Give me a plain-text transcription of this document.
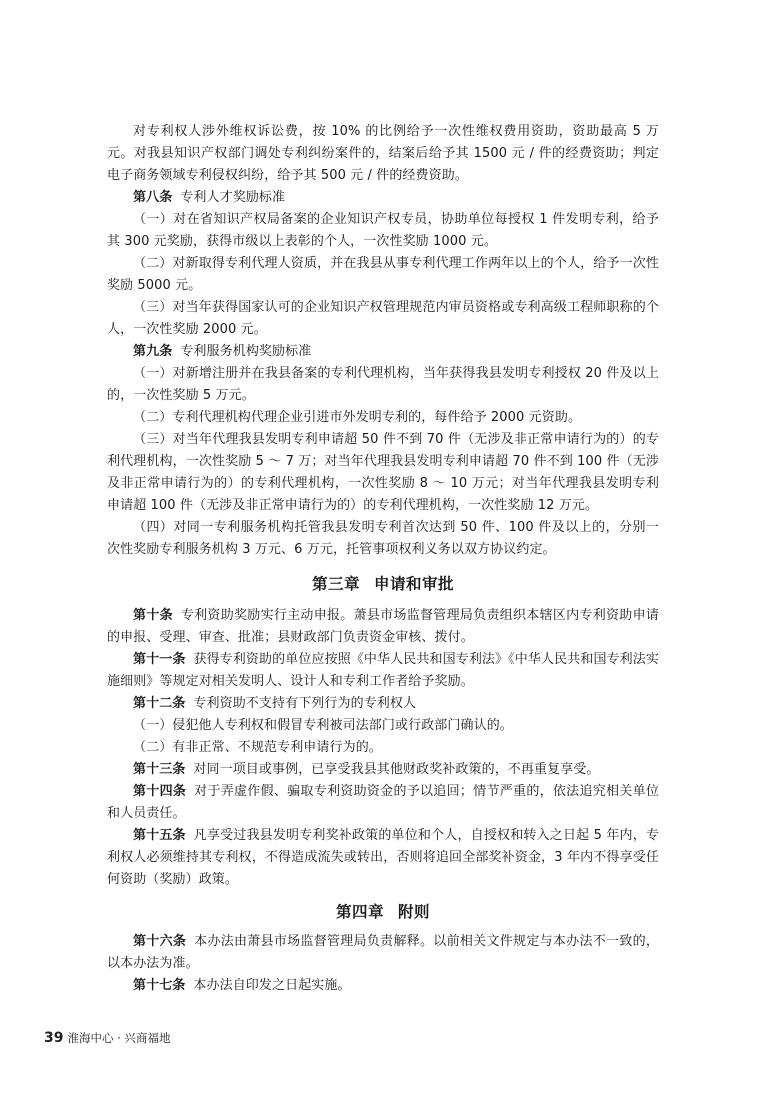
对专利权人涉外维权诉讼费，按 10% 的比例给予一次性维权费用资助，资助最高 5 万元。对我县知识产权部门调处专利纠纷案件的，结案后给予其 1500 元 / 件的经费资助；判定电子商务领域专利侵权纠纷，给予其 500 元 / 件的经费资助。

第八条 专利人才奖励标准

（一）对在省知识产权局备案的企业知识产权专员，协助单位每授权 1 件发明专利，给予其 300 元奖励，获得市级以上表彰的个人，一次性奖励 1000 元。

（二）对新取得专利代理人资质，并在我县从事专利代理工作两年以上的个人，给予一次性奖励 5000 元。

（三）对当年获得国家认可的企业知识产权管理规范内审员资格或专利高级工程师职称的个人，一次性奖励 2000 元。

第九条 专利服务机构奖励标准

（一）对新增注册并在我县备案的专利代理机构，当年获得我县发明专利授权 20 件及以上的，一次性奖励 5 万元。

（二）专利代理机构代理企业引进市外发明专利的，每件给予 2000 元资助。

（三）对当年代理我县发明专利申请超 50 件不到 70 件（无涉及非正常申请行为的）的专利代理机构，一次性奖励 5 ～ 7 万；对当年代理我县发明专利申请超 70 件不到 100 件（无涉及非正常申请行为的）的专利代理机构，一次性奖励 8 ～ 10 万元；对当年代理我县发明专利申请超 100 件（无涉及非正常申请行为的）的专利代理机构，一次性奖励 12 万元。

（四）对同一专利服务机构托管我县发明专利首次达到 50 件、100 件及以上的，分别一次性奖励专利服务机构 3 万元、6 万元，托管事项权利义务以双方协议约定。

第三章 申请和审批

第十条 专利资助奖励实行主动申报。萧县市场监督管理局负责组织本辖区内专利资助申请的申报、受理、审查、批准；县财政部门负责资金审核、拨付。

第十一条 获得专利资助的单位应按照《中华人民共和国专利法》《中华人民共和国专利法实施细则》等规定对相关发明人、设计人和专利工作者给予奖励。

第十二条 专利资助不支持有下列行为的专利权人

（一）侵犯他人专利权和假冒专利被司法部门或行政部门确认的。

（二）有非正常、不规范专利申请行为的。

第十三条 对同一项目或事例，已享受我县其他财政奖补政策的，不再重复享受。

第十四条 对于弄虚作假、骗取专利资助资金的予以追回；情节严重的，依法追究相关单位和人员责任。

第十五条 凡享受过我县发明专利奖补政策的单位和个人，自授权和转入之日起 5 年内，专利权人必须维持其专利权，不得造成流失或转出，否则将追回全部奖补资金，3 年内不得享受任何资助（奖励）政策。

第四章 附则

第十六条 本办法由萧县市场监督管理局负责解释。以前相关文件规定与本办法不一致的，以本办法为准。

第十七条 本办法自印发之日起实施。

39 淮海中心 · 兴商福地
